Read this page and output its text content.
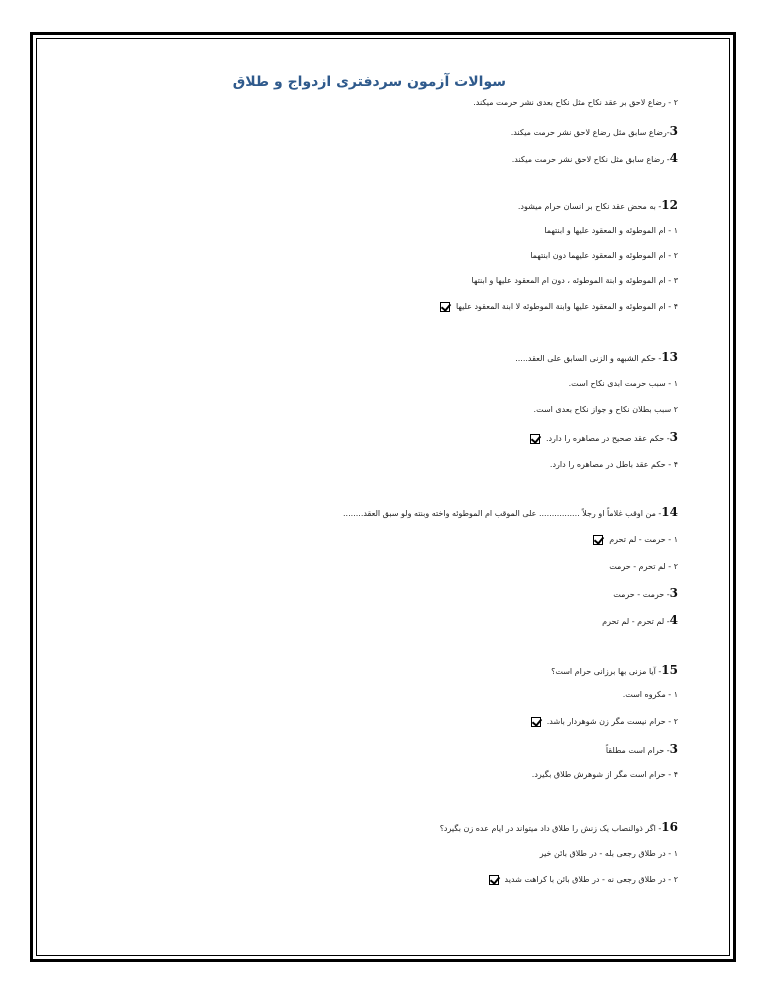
سوالات آزمون سردفتری ازدواج و طلاق
۲ - رضاع لاحق بر عقد نکاح مثل نکاح بعدی نشر حرمت میکند.
3-رضاع سابق مثل رضاع لاحق نشر حرمت میکند.
4- رضاع سابق مثل نکاح لاحق نشر حرمت میکند.
12- به محض عقد نکاح بر انسان حرام میشود.
۱ - ام الموطوئه و المعقود علیها و ابنتهما
۲ - ام الموطوئه و المعقود علیهما دون ابنتهما
۳ - ام الموطوئه و ابنة الموطوئه ، دون ام المعقود علیها و ابنتها
۴ - ام الموطوئه و المعقود علیها وابنة الموطوئه لا ابنة المعقود علیها
13- حکم الشبهه و الزنی السابق علی العقد.....
۱ - سبب حرمت ابدی نکاح است.
۲ سبب بطلان نکاح و جواز نکاح بعدی است.
3- حکم عقد صحیح در مصاهره را دارد.
۴ - حکم عقد باطل در مصاهره را دارد.
14- من اوقب غلاماً او رجلاً ................ علی الموقب ام الموطوئه واخته وبنته ولو سبق العقد........
۱ - حرمت - لم تحرم
۲ - لم تحرم - حرمت
3- حرمت - حرمت
4- لم تحرم - لم تحرم
15- آیا مزنی بها برزانی حرام است؟
۱ - مکروه است.
۲ - حرام نیست مگر زن شوهردار باشد.
3- حرام است مطلقاً
۴ - حرام است مگر از شوهرش طلاق بگیرد.
16- اگر ذوالنصاب یک زنش را طلاق داد میتواند در ایام عده زن بگیرد؟
۱ - در طلاق رجعی بله - در طلاق بائن خیر
۲ - در طلاق رجعی نه - در طلاق بائن با کراهت شدید
